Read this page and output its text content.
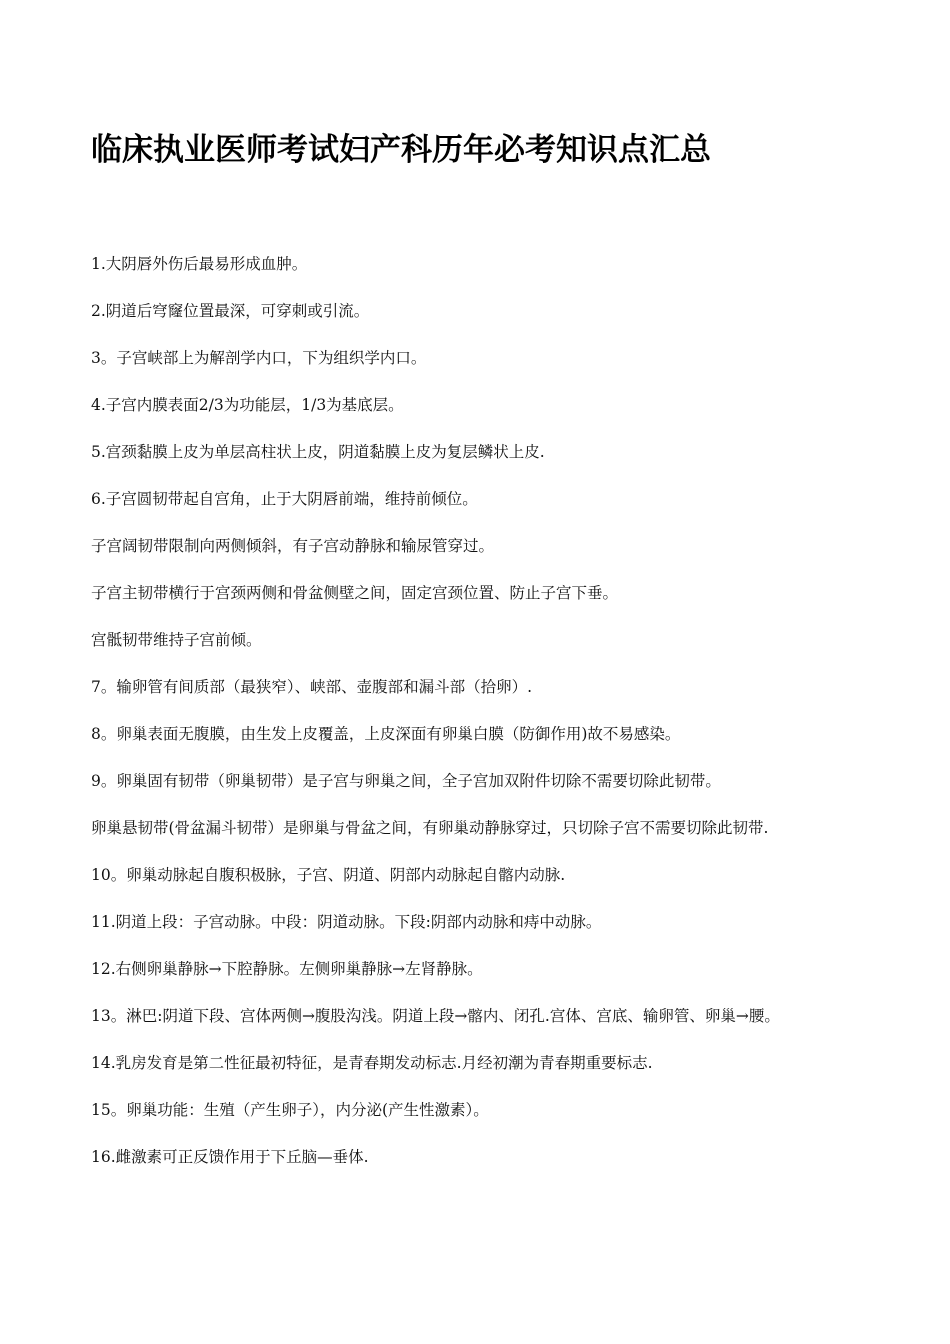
临床执业医师考试妇产科历年必考知识点汇总

1.大阴唇外伤后最易形成血肿。

2.阴道后穹窿位置最深，可穿刺或引流。

3。子宫峡部上为解剖学内口，下为组织学内口。

4.子宫内膜表面2/3为功能层，1/3为基底层。

5.宫颈黏膜上皮为单层高柱状上皮，阴道黏膜上皮为复层鳞状上皮.

6.子宫圆韧带起自宫角，止于大阴唇前端，维持前倾位。

子宫阔韧带限制向两侧倾斜，有子宫动静脉和输尿管穿过。

子宫主韧带横行于宫颈两侧和骨盆侧壁之间，固定宫颈位置、防止子宫下垂。

宫骶韧带维持子宫前倾。

7。输卵管有间质部（最狭窄）、峡部、壶腹部和漏斗部（拾卵）.

8。卵巢表面无腹膜，由生发上皮覆盖，上皮深面有卵巢白膜（防御作用)故不易感染。

9。卵巢固有韧带（卵巢韧带）是子宫与卵巢之间，全子宫加双附件切除不需要切除此韧带。

卵巢悬韧带(骨盆漏斗韧带）是卵巢与骨盆之间，有卵巢动静脉穿过，只切除子宫不需要切除此韧带.

10。卵巢动脉起自腹积极脉，子宫、阴道、阴部内动脉起自髂内动脉.

11.阴道上段：子宫动脉。中段：阴道动脉。下段:阴部内动脉和痔中动脉。

12.右侧卵巢静脉→下腔静脉。左侧卵巢静脉→左肾静脉。

13。淋巴:阴道下段、宫体两侧→腹股沟浅。阴道上段→髂内、闭孔.宫体、宫底、输卵管、卵巢→腰。

14.乳房发育是第二性征最初特征，是青春期发动标志.月经初潮为青春期重要标志.

15。卵巢功能：生殖（产生卵子），内分泌(产生性激素）。

16.雌激素可正反馈作用于下丘脑—垂体.
